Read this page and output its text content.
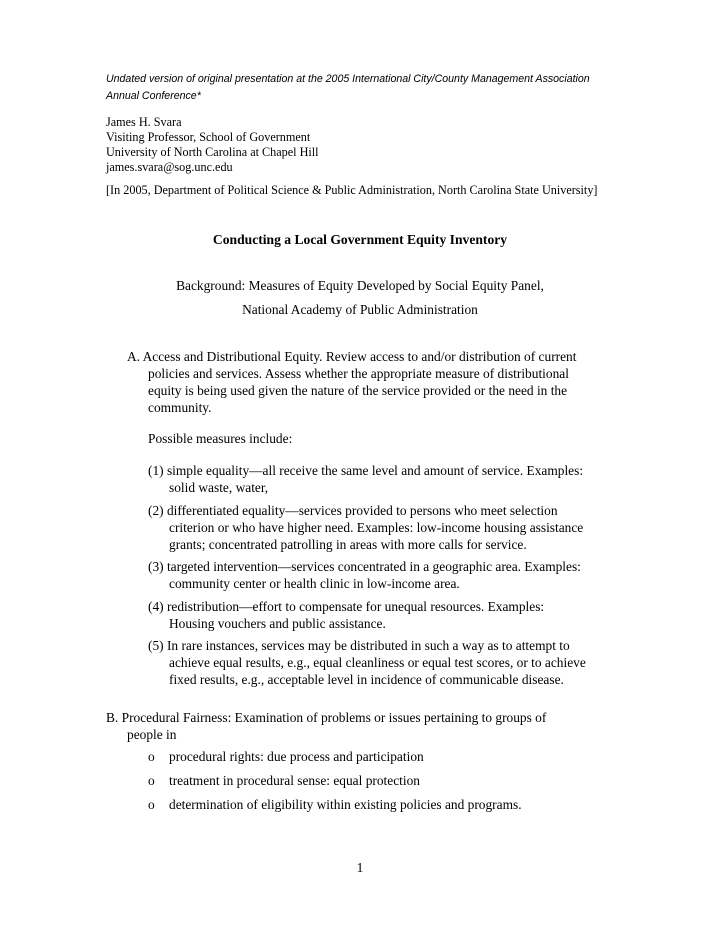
Undated version of original presentation at the 2005 International City/County Management Association
Annual Conference*
James H. Svara
Visiting Professor, School of Government
University of North Carolina at Chapel Hill
james.svara@sog.unc.edu
[In 2005, Department of Political Science & Public Administration, North Carolina State University]
Conducting a Local Government Equity Inventory
Background: Measures of Equity Developed by Social Equity Panel,
National Academy of Public Administration
A. Access and Distributional Equity. Review access to and/or distribution of current
policies and services. Assess whether the appropriate measure of distributional
equity is being used given the nature of the service provided or the need in the
community.
Possible measures include:
(1) simple equality—all receive the same level and amount of service. Examples:
solid waste, water,
(2) differentiated equality—services provided to persons who meet selection
criterion or who have higher need. Examples: low-income housing assistance
grants; concentrated patrolling in areas with more calls for service.
(3) targeted intervention—services concentrated in a geographic area. Examples:
community center or health clinic in low-income area.
(4) redistribution—effort to compensate for unequal resources. Examples:
Housing vouchers and public assistance.
(5) In rare instances, services may be distributed in such a way as to attempt to
achieve equal results, e.g., equal cleanliness or equal test scores, or to achieve
fixed results, e.g., acceptable level in incidence of communicable disease.
B. Procedural Fairness: Examination of problems or issues pertaining to groups of
people in
o procedural rights: due process and participation
o treatment in procedural sense: equal protection
o determination of eligibility within existing policies and programs.
1
